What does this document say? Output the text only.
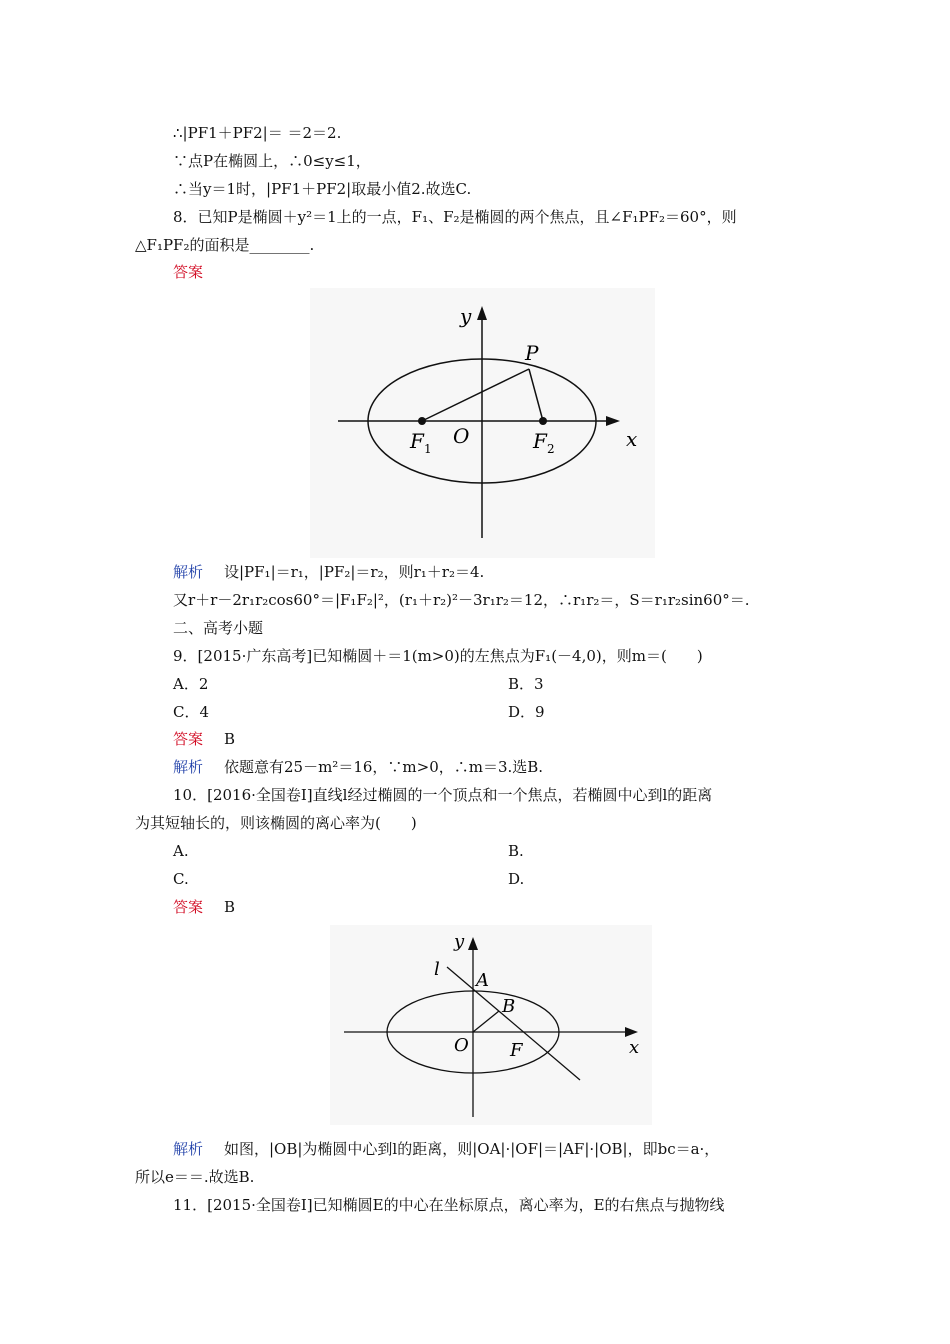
∴|PF1＋PF2|＝ ＝2＝2.
∵点P在椭圆上，∴0≤y≤1，
∴当y＝1时，|PF1＋PF2|取最小值2.故选C.
8．已知P是椭圆＋y²＝1上的一点，F₁、F₂是椭圆的两个焦点，且∠F₁PF₂＝60°，则
△F₁PF₂的面积是________.
答案
y
P
F 1
O	F 2	x
解析 设|PF₁|＝r₁，|PF₂|＝r₂，则r₁＋r₂＝4.
又r＋r－2r₁r₂cos60°＝|F₁F₂|²，(r₁＋r₂)²－3r₁r₂＝12，∴r₁r₂＝，S＝r₁r₂sin60°＝.
二、高考小题
9．[2015·广东高考]已知椭圆＋＝1(m>0)的左焦点为F₁(－4,0)，则m＝(　　)
A．2	B．3
C．4	D．9
答案 B
解析 依题意有25－m²＝16，∵m>0，∴m＝3.选B.
10．[2016·全国卷Ⅰ]直线l经过椭圆的一个顶点和一个焦点，若椭圆中心到l的距离
为其短轴长的，则该椭圆的离心率为(　　)
A.	B.
C.	D.
答案 B
y
l
A
B
O F	x
解析 如图，|OB|为椭圆中心到l的距离，则|OA|·|OF|＝|AF|·|OB|，即bc＝a·，
所以e＝＝.故选B.
11．[2015·全国卷Ⅰ]已知椭圆E的中心在坐标原点，离心率为，E的右焦点与抛物线
